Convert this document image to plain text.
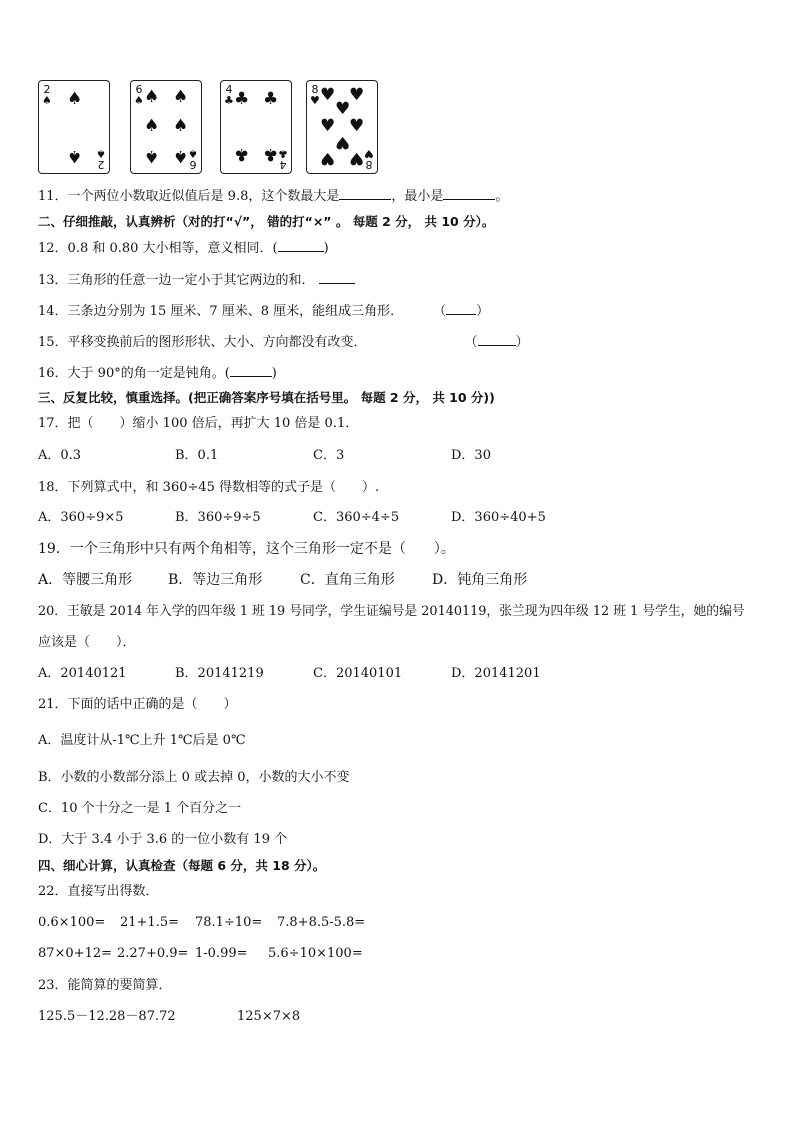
2
♠ ♠
♠ 2
♠
6
♠ ♠ ♠
♠ ♠
♠ ♠ 6
♠
4
♣ ♣ ♣
♣ ♣
4
♣
8
♥ ♥ ♥
♥
♥ ♥
♥
♥ ♥ 8
♥
11．一个两位小数取近似值后是 9.8，这个数最大是	，最小是	。
二、仔细推敲，认真辨析（对的打“√”， 错的打“×” 。 每题 2 分， 共 10 分）。
12．0.8 和 0.80 大小相等，意义相同．(	)
13．三角形的任意一边一定小于其它两边的和．
14．三条边分别为 15 厘米、7 厘米、8 厘米，能组成三角形． （ ）
15．平移变换前后的图形形状、大小、方向都没有改变．	（	）
16．大于 90°的角一定是钝角。(	)
三、反复比较，慎重选择。(把正确答案序号填在括号里。 每题 2 分， 共 10 分))
17．把（　　）缩小 100 倍后，再扩大 10 倍是 0.1．
A．0.3	B．0.1	C．3	D．30
18．下列算式中，和 360÷45 得数相等的式子是（　　）.
A．360÷9×5	B．360÷9÷5	C．360÷4÷5	D．360÷40+5
19．一个三角形中只有两个角相等，这个三角形一定不是（　　）。
A．等腰三角形	B．等边三角形	C．直角三角形	D．钝角三角形
20．王敏是 2014 年入学的四年级 1 班 19 号同学，学生证编号是 20140119，张兰现为四年级 12 班 1 号学生，她的编号
应该是（　　）．
A．20140121	B．20141219	C．20140101	D．20141201
21．下面的话中正确的是（　　）
A．温度计从-1℃上升 1℃后是 0℃
B．小数的小数部分添上 0 或去掉 0，小数的大小不变
C．10 个十分之一是 1 个百分之一
D．大于 3.4 小于 3.6 的一位小数有 19 个
四、细心计算，认真检查（每题 6 分，共 18 分）。
22．直接写出得数．
0.6×100= 21+1.5= 78.1÷10= 7.8+8.5-5.8=
87×0+12= 2.27+0.9= 1-0.99= 5.6÷10×100=
23．能简算的要简算．
125.5－12.28－87.72	125×7×8
